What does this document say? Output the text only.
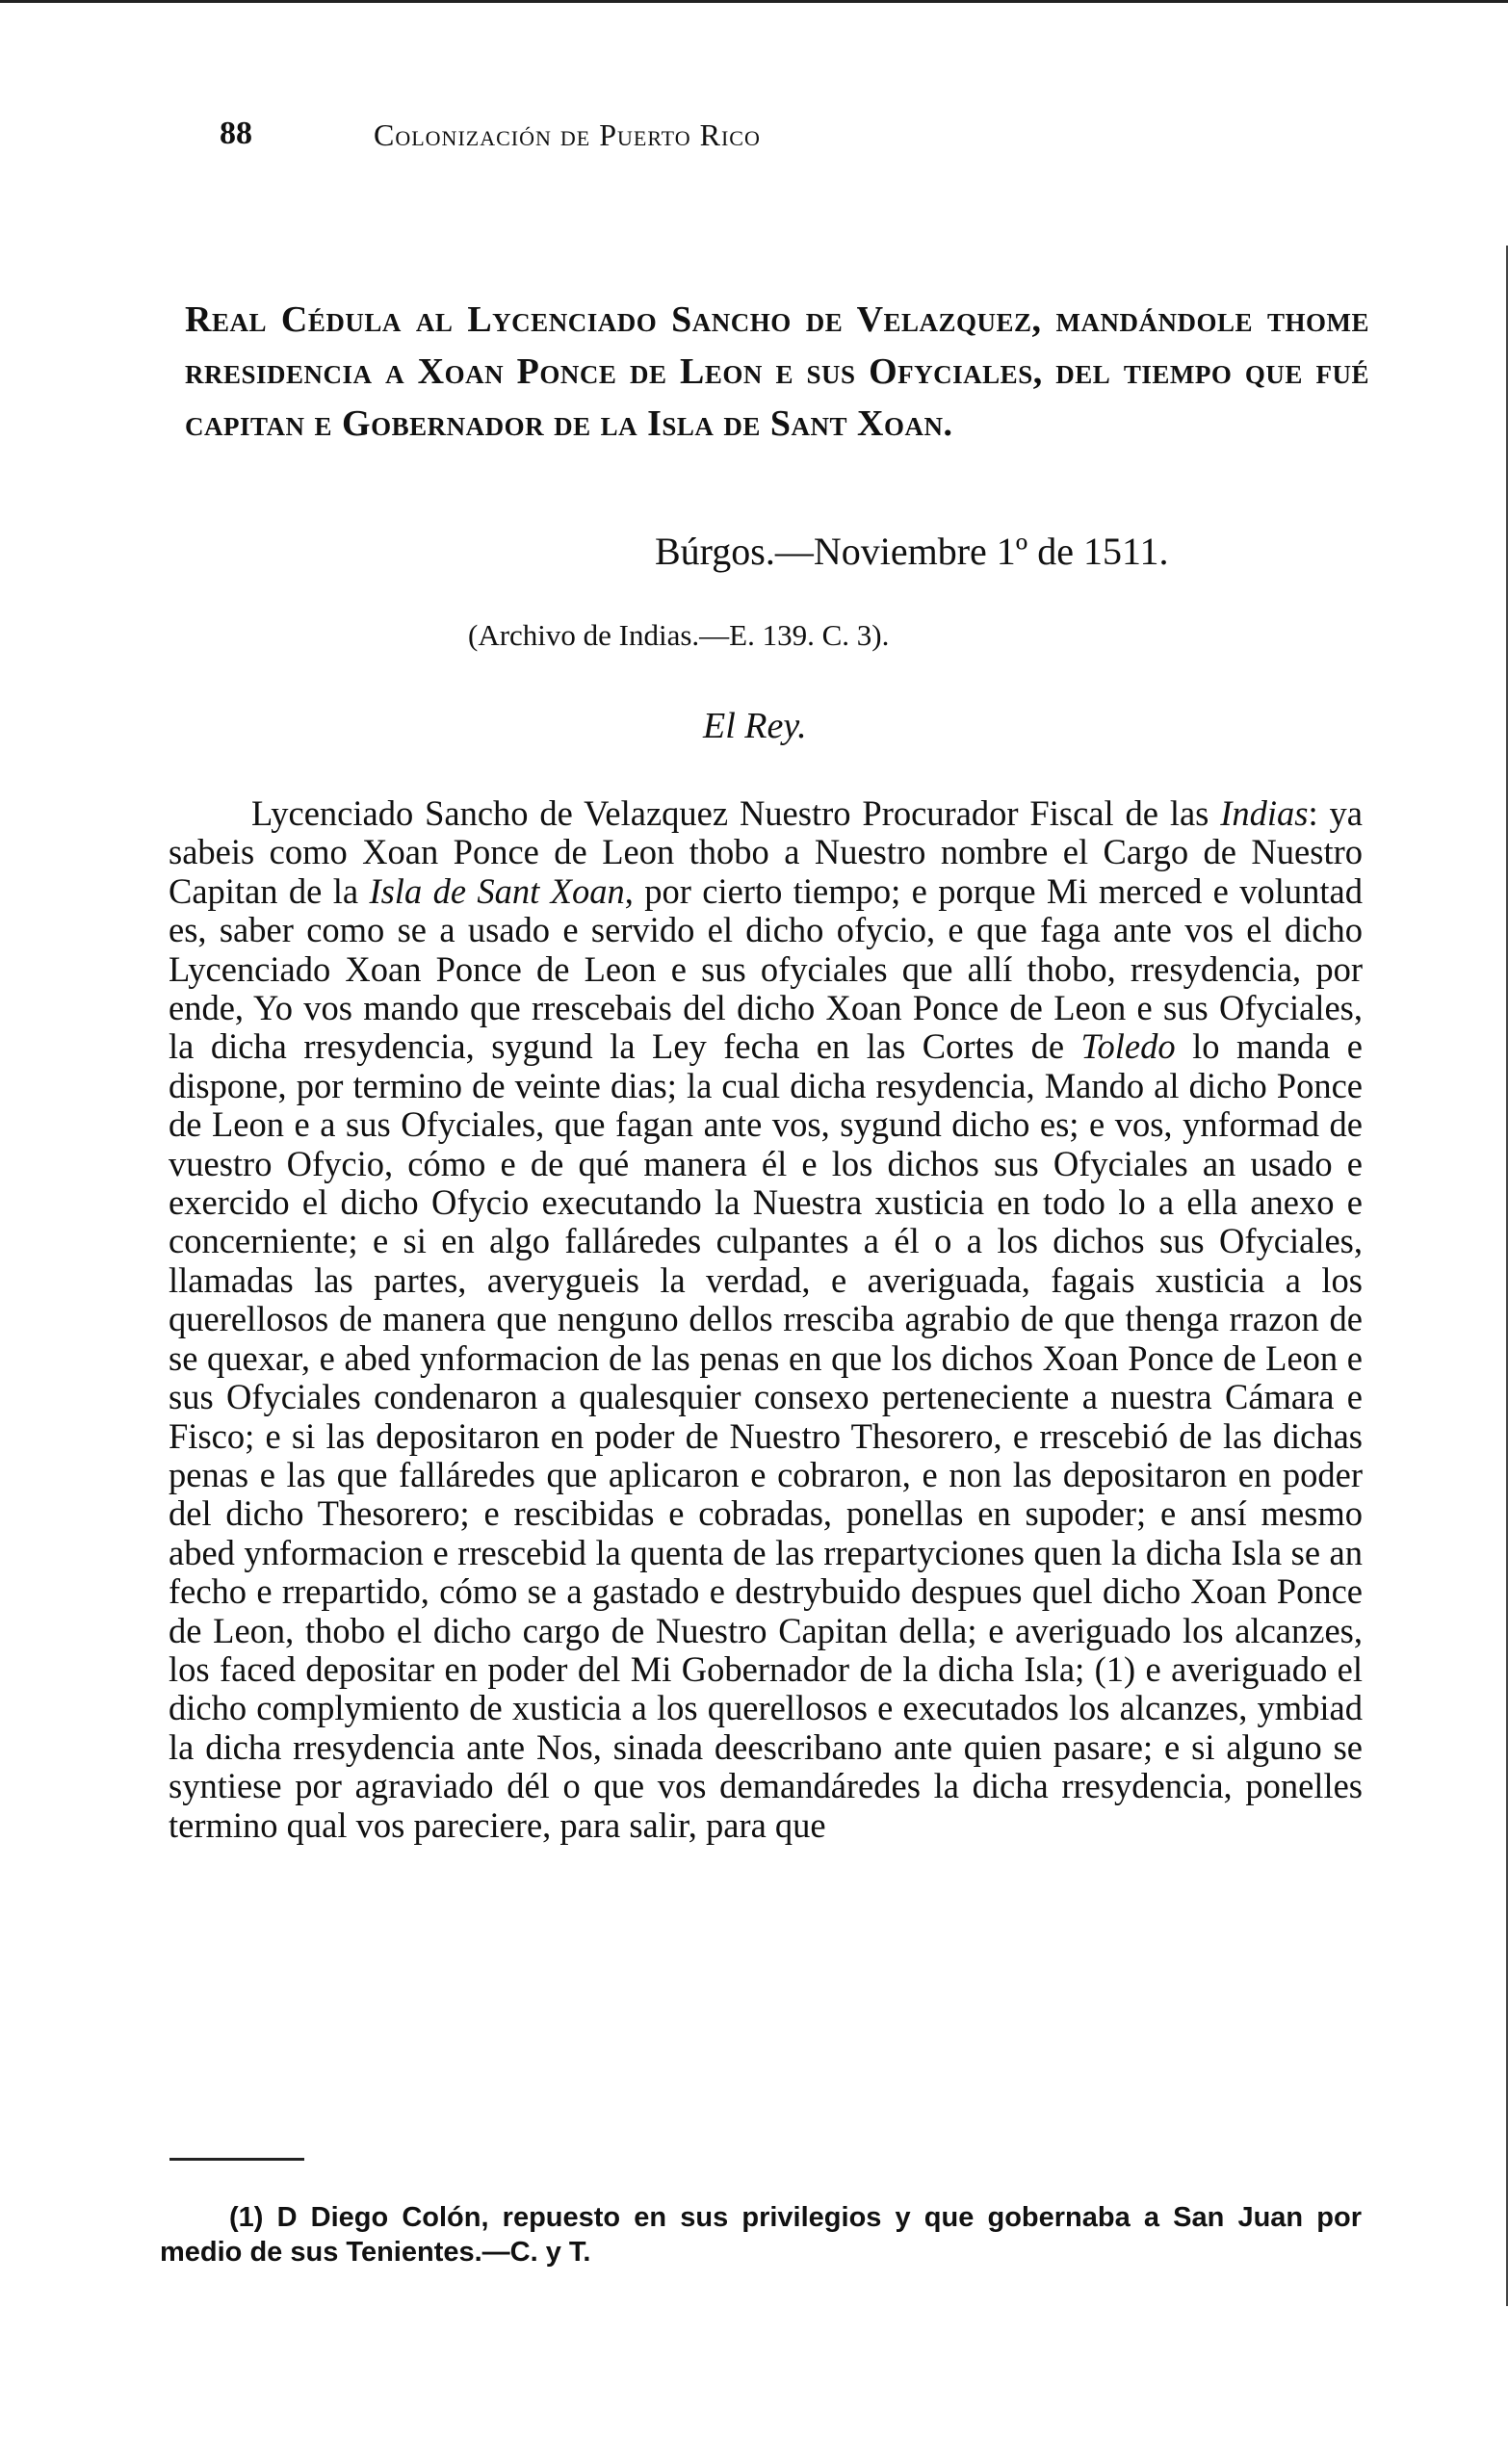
88	Colonización de Puerto Rico
Real Cédula al Lycenciado Sancho de Velazquez, mandándole thome rresidencia a Xoan Ponce de Leon e sus Ofyciales, del tiempo que fué capitan e Gobernador de la Isla de Sant Xoan.
Búrgos.—Noviembre 1º de 1511.
(Archivo de Indias.—E. 139. C. 3).
El Rey.

Lycenciado Sancho de Velazquez Nuestro Procurador Fiscal de las Indias: ya sabeis como Xoan Ponce de Leon thobo a Nuestro nombre el Cargo de Nuestro Capitan de la Isla de Sant Xoan, por cierto tiempo; e porque Mi merced e voluntad es, saber como se a usado e servido el dicho ofycio, e que faga ante vos el dicho Lycenciado Xoan Ponce de Leon e sus ofyciales que allí thobo, rresydencia, por ende, Yo vos mando que rrescebais del dicho Xoan Ponce de Leon e sus Ofyciales, la dicha rresydencia, sygund la Ley fecha en las Cortes de Toledo lo manda e dispone, por termino de veinte dias; la cual dicha resydencia, Mando al dicho Ponce de Leon e a sus Ofyciales, que fagan ante vos, sygund dicho es; e vos, ynformad de vuestro Ofycio, cómo e de qué manera él e los dichos sus Ofyciales an usado e exercido el dicho Ofycio executando la Nuestra xusticia en todo lo a ella anexo e concerniente; e si en algo falláredes culpantes a él o a los dichos sus Ofyciales, llamadas las partes, averygueis la verdad, e averiguada, fagais xusticia a los querellosos de manera que nenguno dellos rresciba agrabio de que thenga rrazon de se quexar, e abed ynformacion de las penas en que los dichos Xoan Ponce de Leon e sus Ofyciales condenaron a qualesquier consexo perteneciente a nuestra Cámara e Fisco; e si las depositaron en poder de Nuestro Thesorero, e rrescebió de las dichas penas e las que falláredes que aplicaron e cobraron, e non las depositaron en poder del dicho Thesorero; e rescibidas e cobradas, ponellas en supoder; e ansí mesmo abed ynformacion e rrescebid la quenta de las rrepartyciones quen la dicha Isla se an fecho e rrepartido, cómo se a gastado e destrybuido despues quel dicho Xoan Ponce de Leon, thobo el dicho cargo de Nuestro Capitan della; e averiguado los alcanzes, los faced depositar en poder del Mi Gobernador de la dicha Isla; (1) e averiguado el dicho complymiento de xusticia a los querellosos e executados los alcanzes, ymbiad la dicha rresydencia ante Nos, sinada deescribano ante quien pasare; e si alguno se syntiese por agraviado dél o que vos demandáredes la dicha rresydencia, ponelles termino qual vos pareciere, para salir, para que

(1) D Diego Colón, repuesto en sus privilegios y que gobernaba a San Juan por medio de sus Tenientes.—C. y T.
